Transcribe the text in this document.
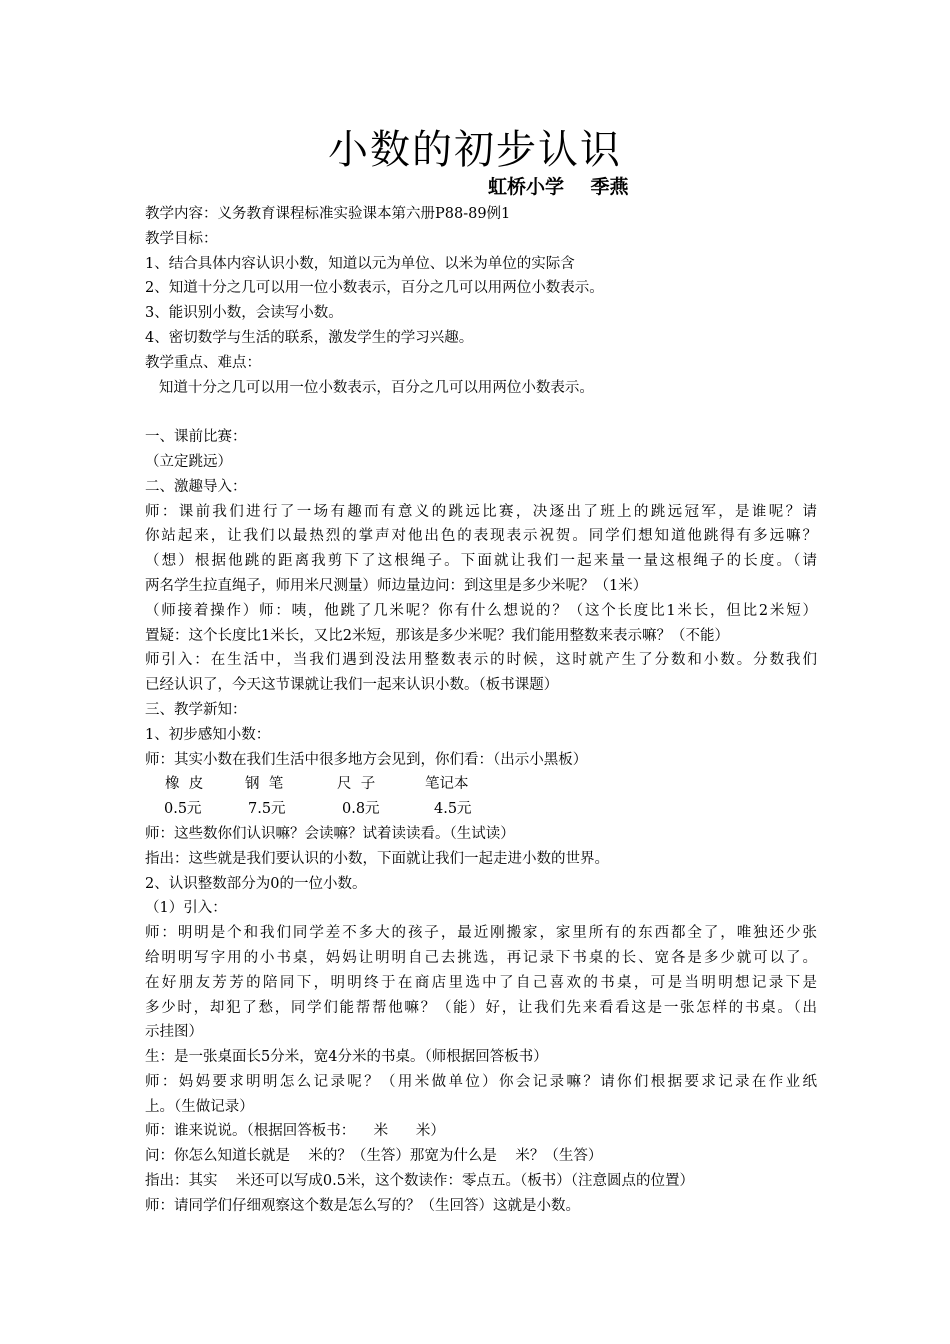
小数的初步认识
虹桥小学    季燕

教学内容：义务教育课程标准实验课本第六册P88-89例1

教学目标：

1、结合具体内容认识小数，知道以元为单位、以米为单位的实际含

2、知道十分之几可以用一位小数表示，百分之几可以用两位小数表示。

3、能识别小数，会读写小数。

4、密切数学与生活的联系，激发学生的学习兴趣。

教学重点、难点：

知道十分之几可以用一位小数表示，百分之几可以用两位小数表示。

一、课前比赛：

（立定跳远）

二、激趣导入：

师：课前我们进行了一场有趣而有意义的跳远比赛，决逐出了班上的跳远冠军，是谁呢？请

你站起来，让我们以最热烈的掌声对他出色的表现表示祝贺。同学们想知道他跳得有多远嘛？

（想）根据他跳的距离我剪下了这根绳子。下面就让我们一起来量一量这根绳子的长度。（请

两名学生拉直绳子，师用米尺测量）师边量边问：到这里是多少米呢？（1米）

（师接着操作）师：咦，他跳了几米呢？你有什么想说的？（这个长度比1米长，但比2米短）

置疑：这个长度比1米长，又比2米短，那该是多少米呢？我们能用整数来表示嘛？（不能）

师引入：在生活中，当我们遇到没法用整数表示的时候，这时就产生了分数和小数。分数我们

已经认识了，今天这节课就让我们一起来认识小数。（板书课题）

三、教学新知：

1、初步感知小数：

师：其实小数在我们生活中很多地方会见到，你们看：（出示小黑板）

橡  皮	钢  笔	尺  子	笔记本
0.5元	7.5元	0.8元	4.5元

师：这些数你们认识嘛？会读嘛？试着读读看。（生试读）

指出：这些就是我们要认识的小数，下面就让我们一起走进小数的世界。

2、认识整数部分为0的一位小数。

（1）引入：

师：明明是个和我们同学差不多大的孩子，最近刚搬家，家里所有的东西都全了，唯独还少张

给明明写字用的小书桌，妈妈让明明自己去挑选，再记录下书桌的长、宽各是多少就可以了。

在好朋友芳芳的陪同下，明明终于在商店里选中了自己喜欢的书桌，可是当明明想记录下是

多少时，却犯了愁，同学们能帮帮他嘛？（能）好，让我们先来看看这是一张怎样的书桌。（出

示挂图）

生：是一张桌面长5分米，宽4分米的书桌。（师根据回答板书）

师：妈妈要求明明怎么记录呢？（用米做单位）你会记录嘛？请你们根据要求记录在作业纸

上。（生做记录）

师：谁来说说。（根据回答板书：    米      米）

问：你怎么知道长就是    米的？（生答）那宽为什么是    米？（生答）

指出：其实    米还可以写成0.5米，这个数读作：零点五。（板书）（注意圆点的位置）

师：请同学们仔细观察这个数是怎么写的？（生回答）这就是小数。
